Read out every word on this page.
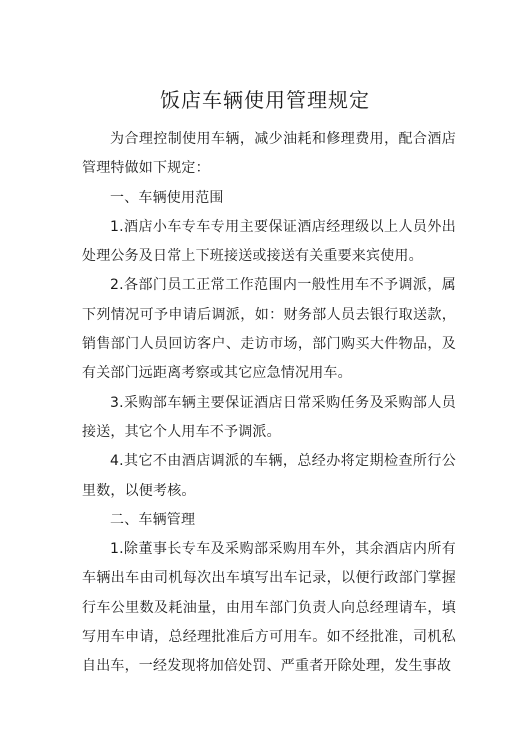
饭店车辆使用管理规定

为合理控制使用车辆，减少油耗和修理费用，配合酒店管理特做如下规定：

一、车辆使用范围

1.酒店小车专车专用主要保证酒店经理级以上人员外出处理公务及日常上下班接送或接送有关重要来宾使用。

2.各部门员工正常工作范围内一般性用车不予调派，属下列情况可予申请后调派，如：财务部人员去银行取送款，销售部门人员回访客户、走访市场，部门购买大件物品，及有关部门远距离考察或其它应急情况用车。

3.采购部车辆主要保证酒店日常采购任务及采购部人员接送，其它个人用车不予调派。

4.其它不由酒店调派的车辆，总经办将定期检查所行公里数，以便考核。

二、车辆管理

1.除董事长专车及采购部采购用车外，其余酒店内所有车辆出车由司机每次出车填写出车记录，以便行政部门掌握行车公里数及耗油量，由用车部门负责人向总经理请车，填写用车申请，总经理批准后方可用车。如不经批准，司机私自出车，一经发现将加倍处罚、严重者开除处理，发生事故
